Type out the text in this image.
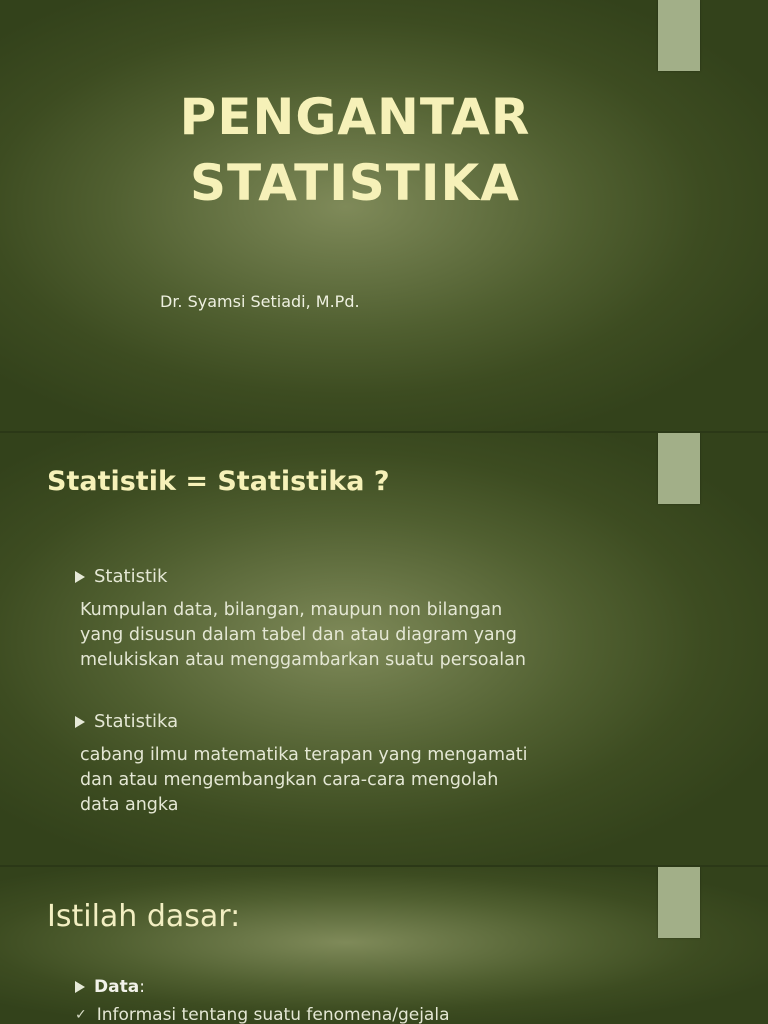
PENGANTAR
STATISTIKA
Dr. Syamsi Setiadi, M.Pd.
Statistik = Statistika ?
Statistik

Kumpulan data, bilangan, maupun non bilangan
yang disusun dalam tabel dan atau diagram yang
melukiskan atau menggambarkan suatu persoalan

Statistika

cabang ilmu matematika terapan yang mengamati
dan atau mengembangkan cara-cara mengolah
data angka

Istilah dasar:
Data :
✓ Informasi tentang suatu fenomena/gejala
